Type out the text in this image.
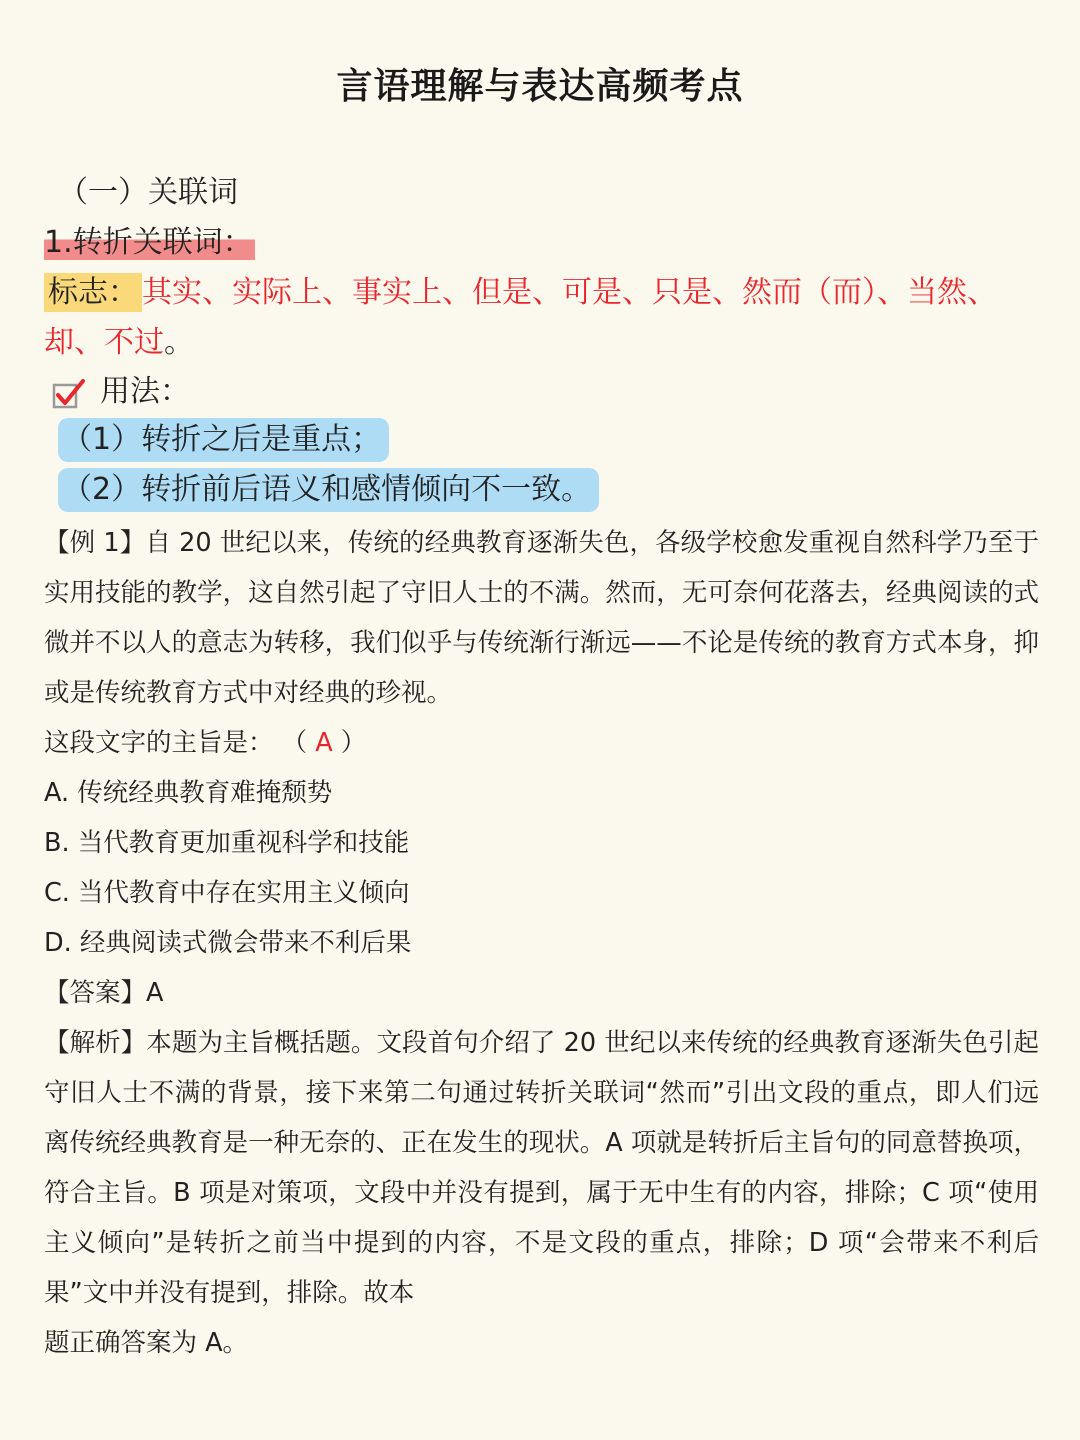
言语理解与表达高频考点
（一）关联词
1.转折关联词：
标志： 其实、实际上、事实上、但是、可是、只是、然而（而）、当然、却、不过。
用法：
（1）转折之后是重点；
（2）转折前后语义和感情倾向不一致。
【例 1】自 20 世纪以来，传统的经典教育逐渐失色，各级学校愈发重视自然科学乃至于实用技能的教学，这自然引起了守旧人士的不满。然而，无可奈何花落去，经典阅读的式微并不以人的意志为转移，我们似乎与传统渐行渐远——不论是传统的教育方式本身，抑或是传统教育方式中对经典的珍视。
这段文字的主旨是： （ A ）
A. 传统经典教育难掩颓势
B. 当代教育更加重视科学和技能
C. 当代教育中存在实用主义倾向
D. 经典阅读式微会带来不利后果
【答案】A
【解析】本题为主旨概括题。文段首句介绍了 20 世纪以来传统的经典教育逐渐失色引起守旧人士不满的背景，接下来第二句通过转折关联词“然而”引出文段的重点，即人们远离传统经典教育是一种无奈的、正在发生的现状。A 项就是转折后主旨句的同意替换项，符合主旨。B 项是对策项，文段中并没有提到，属于无中生有的内容，排除；C 项“使用主义倾向”是转折之前当中提到的内容，不是文段的重点，排除；D 项“会带来不利后果”文中并没有提到，排除。故本
题正确答案为 A。
